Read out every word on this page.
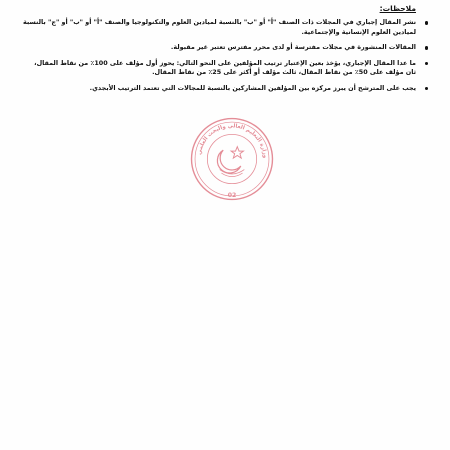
ملاحظات:
نشر المقال إجباري في المجلات ذات الصنف "أ" أو "ب" بالنسبة لميادين العلوم والتكنولوجيا والصنف "أ" أو "ب" أو "ج" بالنسبة لميادين العلوم الإنسانية والإجتماعية.
المقالات المنشورة في مجلات مفترسة أو لدى محرر مفترس تعتبر غير مقبولة.
ما عدا المقال الإجباري، يؤخذ بعين الإعتبار ترتيب المؤلفين على النحو التالي: يحوز أول مؤلف على 100٪ من نقاط المقال، ثان مؤلف على 50٪ من نقاط المقال، ثالث مؤلف أو أكثر على 25٪ من نقاط المقال.
يجب على المترشح أن يبرز مركزه بين المؤلفين المشاركين بالنسبة للمجالات التي تعتمد الترتيب الأبجدي.
وزارة التعليم العالي والبحث العلمي
02
